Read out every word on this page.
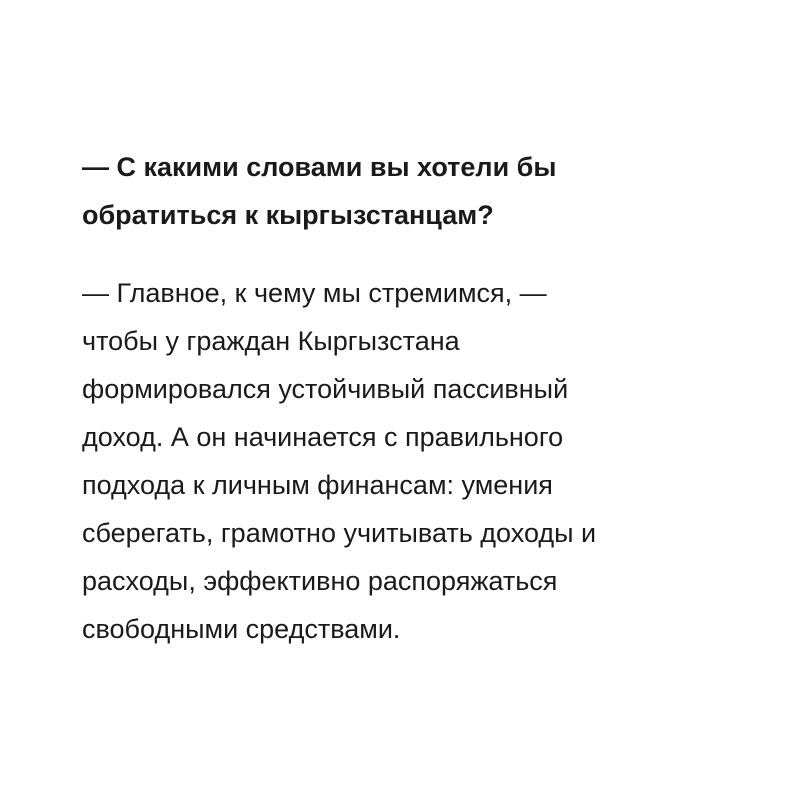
— С какими словами вы хотели бы
обратиться к кыргызстанцам?

— Главное, к чему мы стремимся, —
чтобы у граждан Кыргызстана
формировался устойчивый пассивный
доход. А он начинается с правильного
подхода к личным финансам: умения
сберегать, грамотно учитывать доходы и
расходы, эффективно распоряжаться
свободными средствами.
